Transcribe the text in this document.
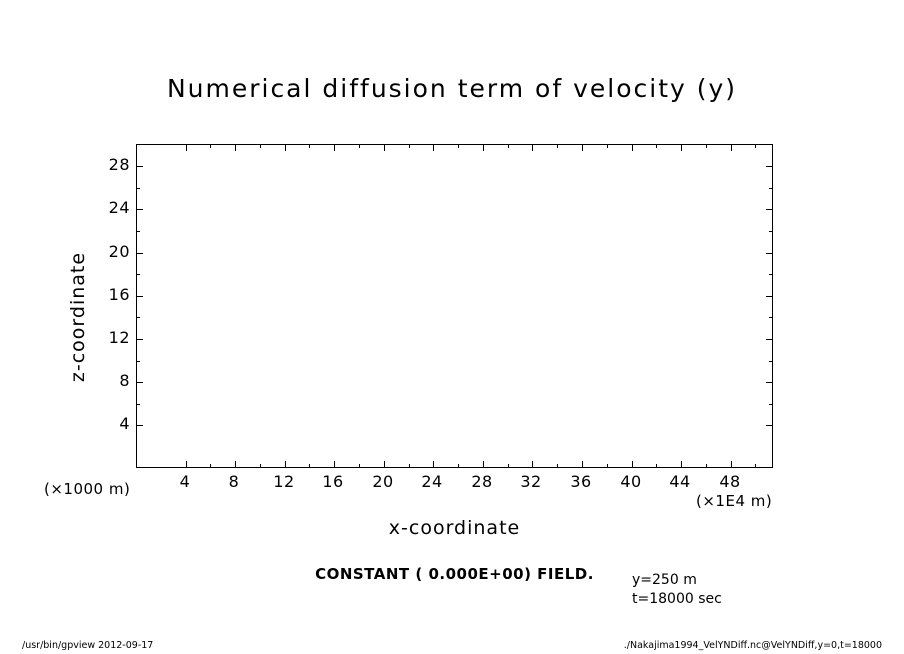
Numerical diffusion term of velocity (y)
4	8	12	16	20	24	28	32	36	40	44	48
4
8
12
16
20
24
28
z-coordinate
x-coordinate
(×1000 m)
(×1E4 m)
CONSTANT ( 0.000E+00) FIELD.	y=250 m
t=18000 sec
/usr/bin/gpview 2012-09-17	./Nakajima1994_VelYNDiff.nc@VelYNDiff,y=0,t=18000
